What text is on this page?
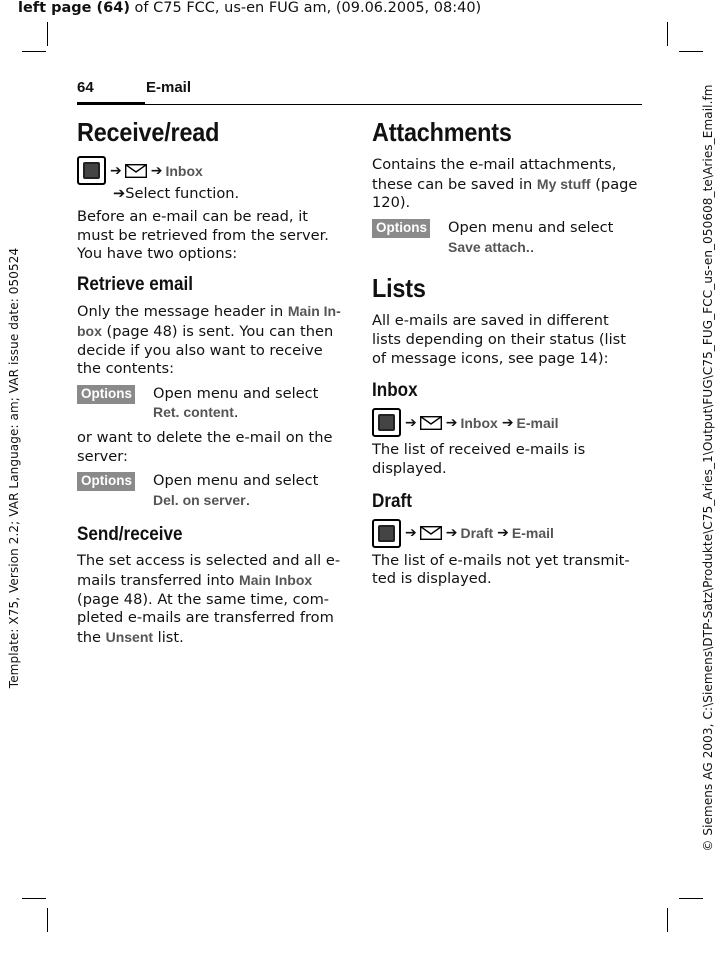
left page (64) of C75 FCC, us-en FUG am, (09.06.2005, 08:40)
Template: X75, Version 2.2; VAR Language: am; VAR issue date: 050524	© Siemens AG 2003, C:\Siemens\DTP-Satz\Produkte\C75_Aries_1\Output\FUG\C75_FUG_FCC_us-en_050608_te\Aries_Email.fm
64	E-mail
Receive/read
➔ ➔ Inbox
➔Select function.

Before an e-mail can be read, it must be retrieved from the server. You have two options:

Retrieve email

Only the message header in Main In-box (page 48) is sent. You can then decide if you also want to receive the contents:

Options Open menu and select Ret. content.

or want to delete the e-mail on the server:

Options Open menu and select Del. on server.
Send/receive

The set access is selected and all e-mails transferred into Main Inbox (page 48). At the same time, com-pleted e-mails are transferred from the Unsent list.

Attachments

Contains the e-mail attachments, these can be saved in My stuff (page 120).

Options Open menu and select Save attach..
Lists

All e-mails are saved in different lists depending on their status (list of message icons, see page 14):

Inbox
➔ ➔ Inbox ➔ E-mail

The list of received e-mails is displayed.

Draft
➔ ➔ Draft ➔ E-mail

The list of e-mails not yet transmit-ted is displayed.
